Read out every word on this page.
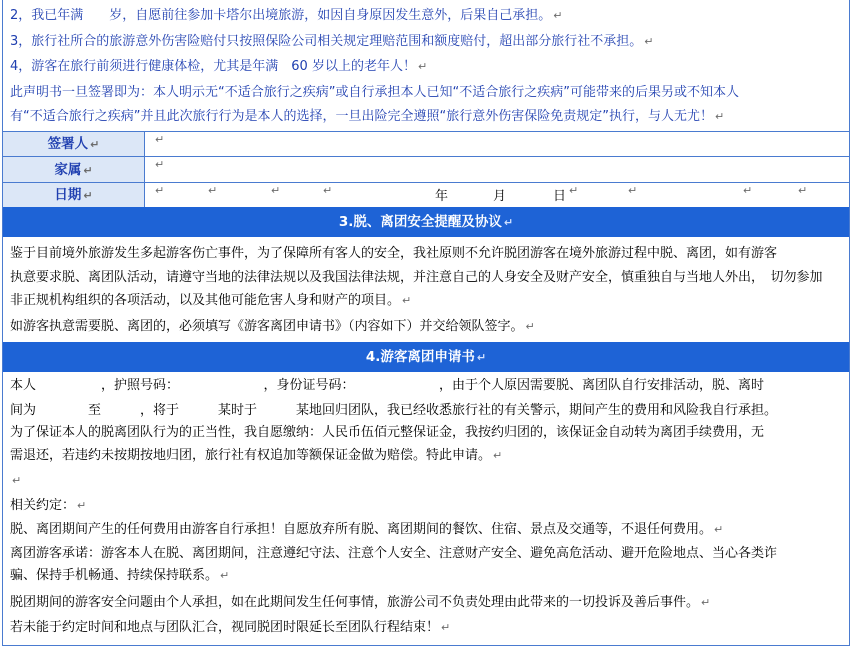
2，我已年满　　岁，自愿前往参加卡塔尔出境旅游，如因自身原因发生意外，后果自己承担。 ↵
3，旅行社所合的旅游意外伤害险赔付只按照保险公司相关规定理赔范围和额度赔付，超出部分旅行社不承担。 ↵
4，游客在旅行前须进行健康体检，尤其是年满　60 岁以上的老年人！ ↵
此声明书一旦签署即为：本人明示无“不适合旅行之疾病”或自行承担本人已知“不适合旅行之疾病”可能带来的后果另或不知本人
有“不适合旅行之疾病”并且此次旅行行为是本人的选择，一旦出险完全遵照“旅行意外伤害保险免责规定”执行，与人无尤！ ↵
签署人 ↵	↵
家属 ↵	↵
日期 ↵	↵	↵	↵	↵	年	月	日 ↵	↵	↵	↵
3.脱、离团安全提醒及协议 ↵
鉴于目前境外旅游发生多起游客伤亡事件，为了保障所有客人的安全，我社原则不允许脱团游客在境外旅游过程中脱、离团，如有游客
执意要求脱、离团队活动，请遵守当地的法律法规以及我国法律法规，并注意自己的人身安全及财产安全，慎重独自与当地人外出，　切勿参加
非正规机构组织的各项活动，以及其他可能危害人身和财产的项目。 ↵
如游客执意需要脱、离团的，必须填写《游客离团申请书》（内容如下）并交给领队签字。 ↵
4.游客离团申请书 ↵
本人　　　　　，护照号码：　　　　　　　，身份证号码：　　　　　　　，由于个人原因需要脱、离团队自行安排活动，脱、离时
间为　　　　至　　　，将于　　　某时于　　　某地回归团队，我已经收悉旅行社的有关警示，期间产生的费用和风险我自行承担。
为了保证本人的脱离团队行为的正当性，我自愿缴纳：人民币伍佰元整保证金，我按约归团的，该保证金自动转为离团手续费用，无
需退还，若违约未按期按地归团，旅行社有权追加等额保证金做为赔偿。特此申请。 ↵
↵
相关约定： ↵
脱、离团期间产生的任何费用由游客自行承担！自愿放弃所有脱、离团期间的餐饮、住宿、景点及交通等，不退任何费用。 ↵
离团游客承诺：游客本人在脱、离团期间，注意遵纪守法、注意个人安全、注意财产安全、避免高危活动、避开危险地点、当心各类诈
骗、保持手机畅通、持续保持联系。 ↵
脱团期间的游客安全问题由个人承担，如在此期间发生任何事情，旅游公司不负责处理由此带来的一切投诉及善后事件。 ↵
若未能于约定时间和地点与团队汇合，视同脱团时限延长至团队行程结束！ ↵
